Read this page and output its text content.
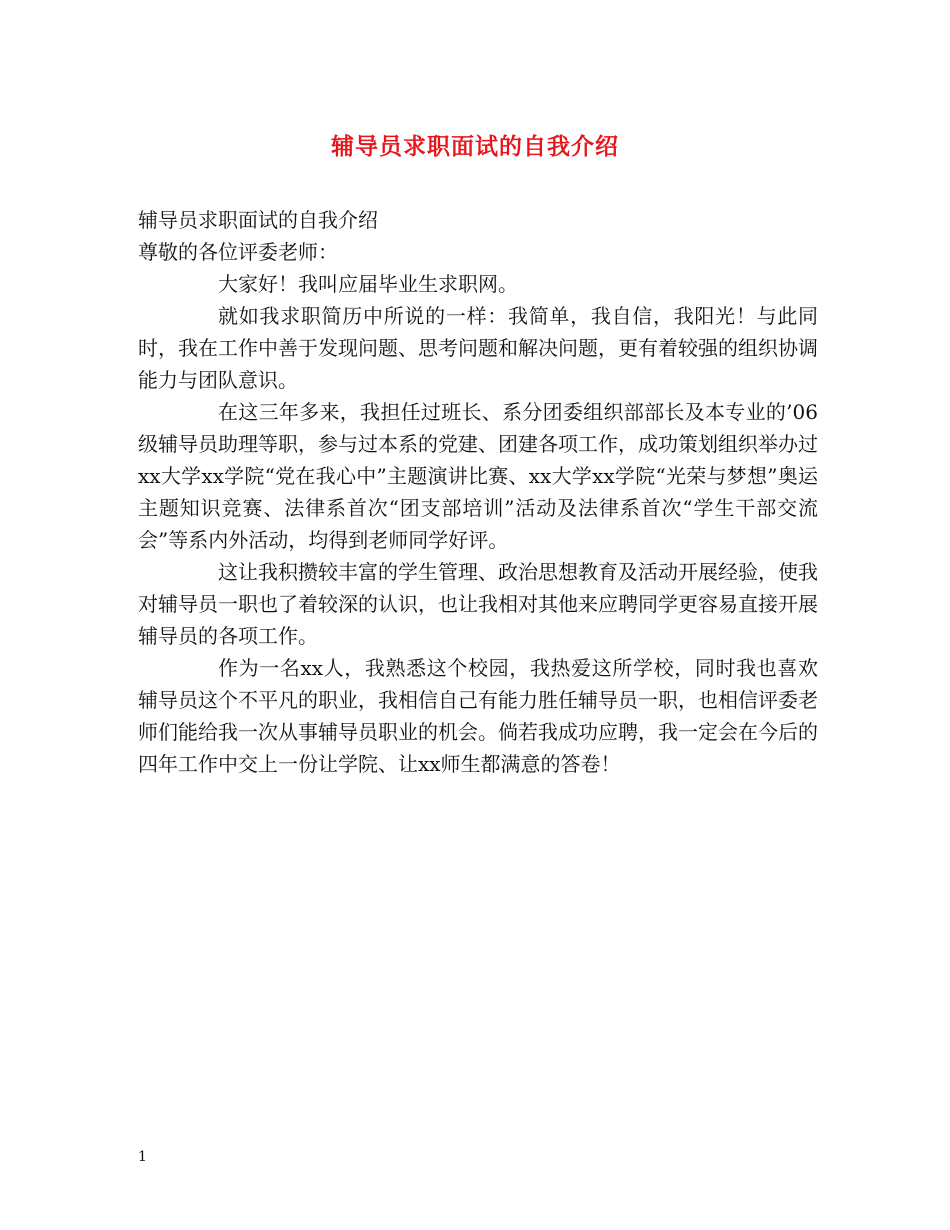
辅导员求职面试的自我介绍

辅导员求职面试的自我介绍

尊敬的各位评委老师：

大家好！我叫应届毕业生求职网。

就如我求职简历中所说的一样：我简单，我自信，我阳光！与此同时，我在工作中善于发现问题、思考问题和解决问题，更有着较强的组织协调能力与团队意识。

在这三年多来，我担任过班长、系分团委组织部部长及本专业的’06级辅导员助理等职，参与过本系的党建、团建各项工作，成功策划组织举办过xx大学xx学院“党在我心中”主题演讲比赛、xx大学xx学院“光荣与梦想”奥运主题知识竞赛、法律系首次“团支部培训”活动及法律系首次“学生干部交流会”等系内外活动，均得到老师同学好评。

这让我积攒较丰富的学生管理、政治思想教育及活动开展经验，使我对辅导员一职也了着较深的认识，也让我相对其他来应聘同学更容易直接开展辅导员的各项工作。

作为一名xx人，我熟悉这个校园，我热爱这所学校，同时我也喜欢辅导员这个不平凡的职业，我相信自己有能力胜任辅导员一职，也相信评委老师们能给我一次从事辅导员职业的机会。倘若我成功应聘，我一定会在今后的四年工作中交上一份让学院、让xx师生都满意的答卷！

1
